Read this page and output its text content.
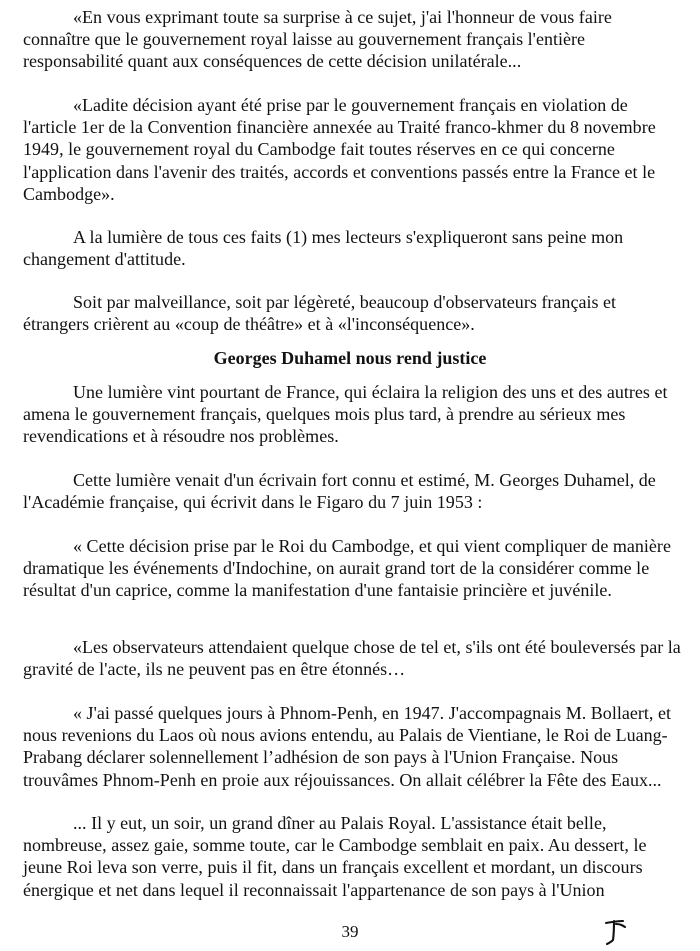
«En vous exprimant toute sa surprise à ce sujet, j'ai l'honneur de vous faire connaître que le gouvernement royal laisse au gouvernement français l'entière responsabilité quant aux conséquences de cette décision unilatérale...

«Ladite décision ayant été prise par le gouvernement français en violation de l'article 1er de la Convention financière annexée au Traité franco-khmer du 8 novembre 1949, le gouvernement royal du Cambodge fait toutes réserves en ce qui concerne l'application dans l'avenir des traités, accords et conventions passés entre la France et le Cambodge».

A la lumière de tous ces faits (1) mes lecteurs s'expliqueront sans peine mon changement d'attitude.

Soit par malveillance, soit par légèreté, beaucoup d'observateurs français et étrangers crièrent au «coup de théâtre» et à «l'inconséquence».

Georges Duhamel nous rend justice

Une lumière vint pourtant de France, qui éclaira la religion des uns et des autres et amena le gouvernement français, quelques mois plus tard, à prendre au sérieux mes revendications et à résoudre nos problèmes.

Cette lumière venait d'un écrivain fort connu et estimé, M. Georges Duhamel, de l'Académie française, qui écrivit dans le Figaro du 7 juin 1953 :

« Cette décision prise par le Roi du Cambodge, et qui vient compliquer de manière dramatique les événements d'Indochine, on aurait grand tort de la considérer comme le résultat d'un caprice, comme la manifestation d'une fantaisie princière et juvénile.

«Les observateurs attendaient quelque chose de tel et, s'ils ont été bouleversés par la gravité de l'acte, ils ne peuvent pas en être étonnés…

« J'ai passé quelques jours à Phnom-Penh, en 1947. J'accompagnais M. Bollaert, et nous revenions du Laos où nous avions entendu, au Palais de Vientiane, le Roi de Luang-Prabang déclarer solennellement l’adhésion de son pays à l'Union Française. Nous trouvâmes Phnom-Penh en proie aux réjouissances. On allait célébrer la Fête des Eaux...

... Il y eut, un soir, un grand dîner au Palais Royal. L'assistance était belle, nombreuse, assez gaie, somme toute, car le Cambodge semblait en paix. Au dessert, le jeune Roi leva son verre, puis il fit, dans un français excellent et mordant, un discours énergique et net dans lequel il reconnaissait l'appartenance de son pays à l'Union

39
